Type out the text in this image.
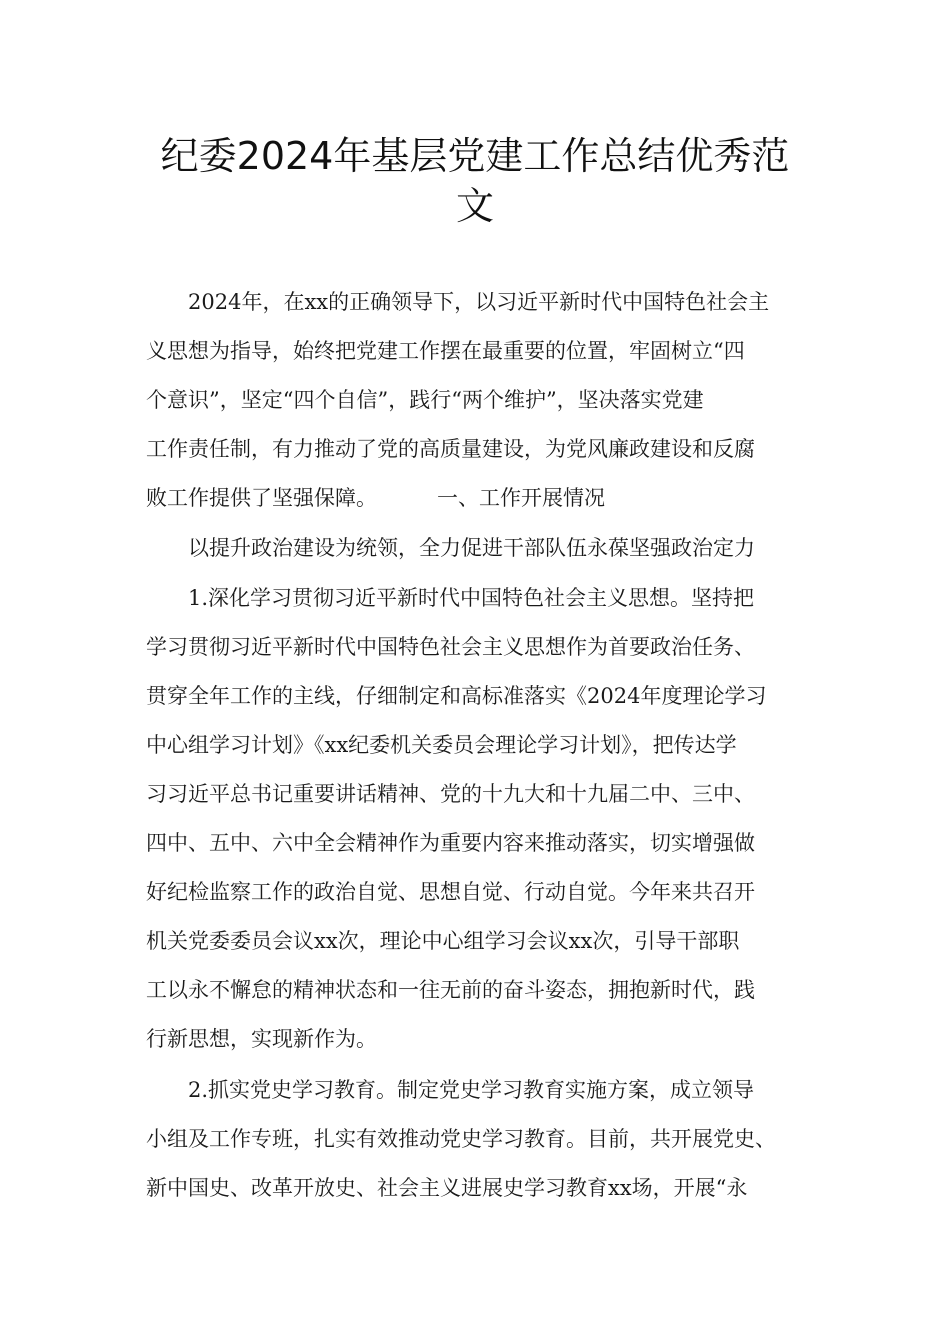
纪委2024年基层党建工作总结优秀范
文
2024年，在xx的正确领导下，以习近平新时代中国特色社会主
义思想为指导，始终把党建工作摆在最重要的位置，牢固树立“四
个意识”，坚定“四个自信”，践行“两个维护”，坚决落实党建
工作责任制，有力推动了党的高质量建设，为党风廉政建设和反腐
败工作提供了坚强保障。	一、工作开展情况
以提升政治建设为统领，全力促进干部队伍永葆坚强政治定力
1.深化学习贯彻习近平新时代中国特色社会主义思想。坚持把
学习贯彻习近平新时代中国特色社会主义思想作为首要政治任务、
贯穿全年工作的主线，仔细制定和高标准落实《2024年度理论学习
中心组学习计划》《xx纪委机关委员会理论学习计划》，把传达学
习习近平总书记重要讲话精神、党的十九大和十九届二中、三中、
四中、五中、六中全会精神作为重要内容来推动落实，切实增强做
好纪检监察工作的政治自觉、思想自觉、行动自觉。今年来共召开
机关党委委员会议xx次，理论中心组学习会议xx次，引导干部职
工以永不懈怠的精神状态和一往无前的奋斗姿态，拥抱新时代，践
行新思想，实现新作为。
2.抓实党史学习教育。制定党史学习教育实施方案，成立领导
小组及工作专班，扎实有效推动党史学习教育。目前，共开展党史、
新中国史、改革开放史、社会主义进展史学习教育xx场，开展“永
